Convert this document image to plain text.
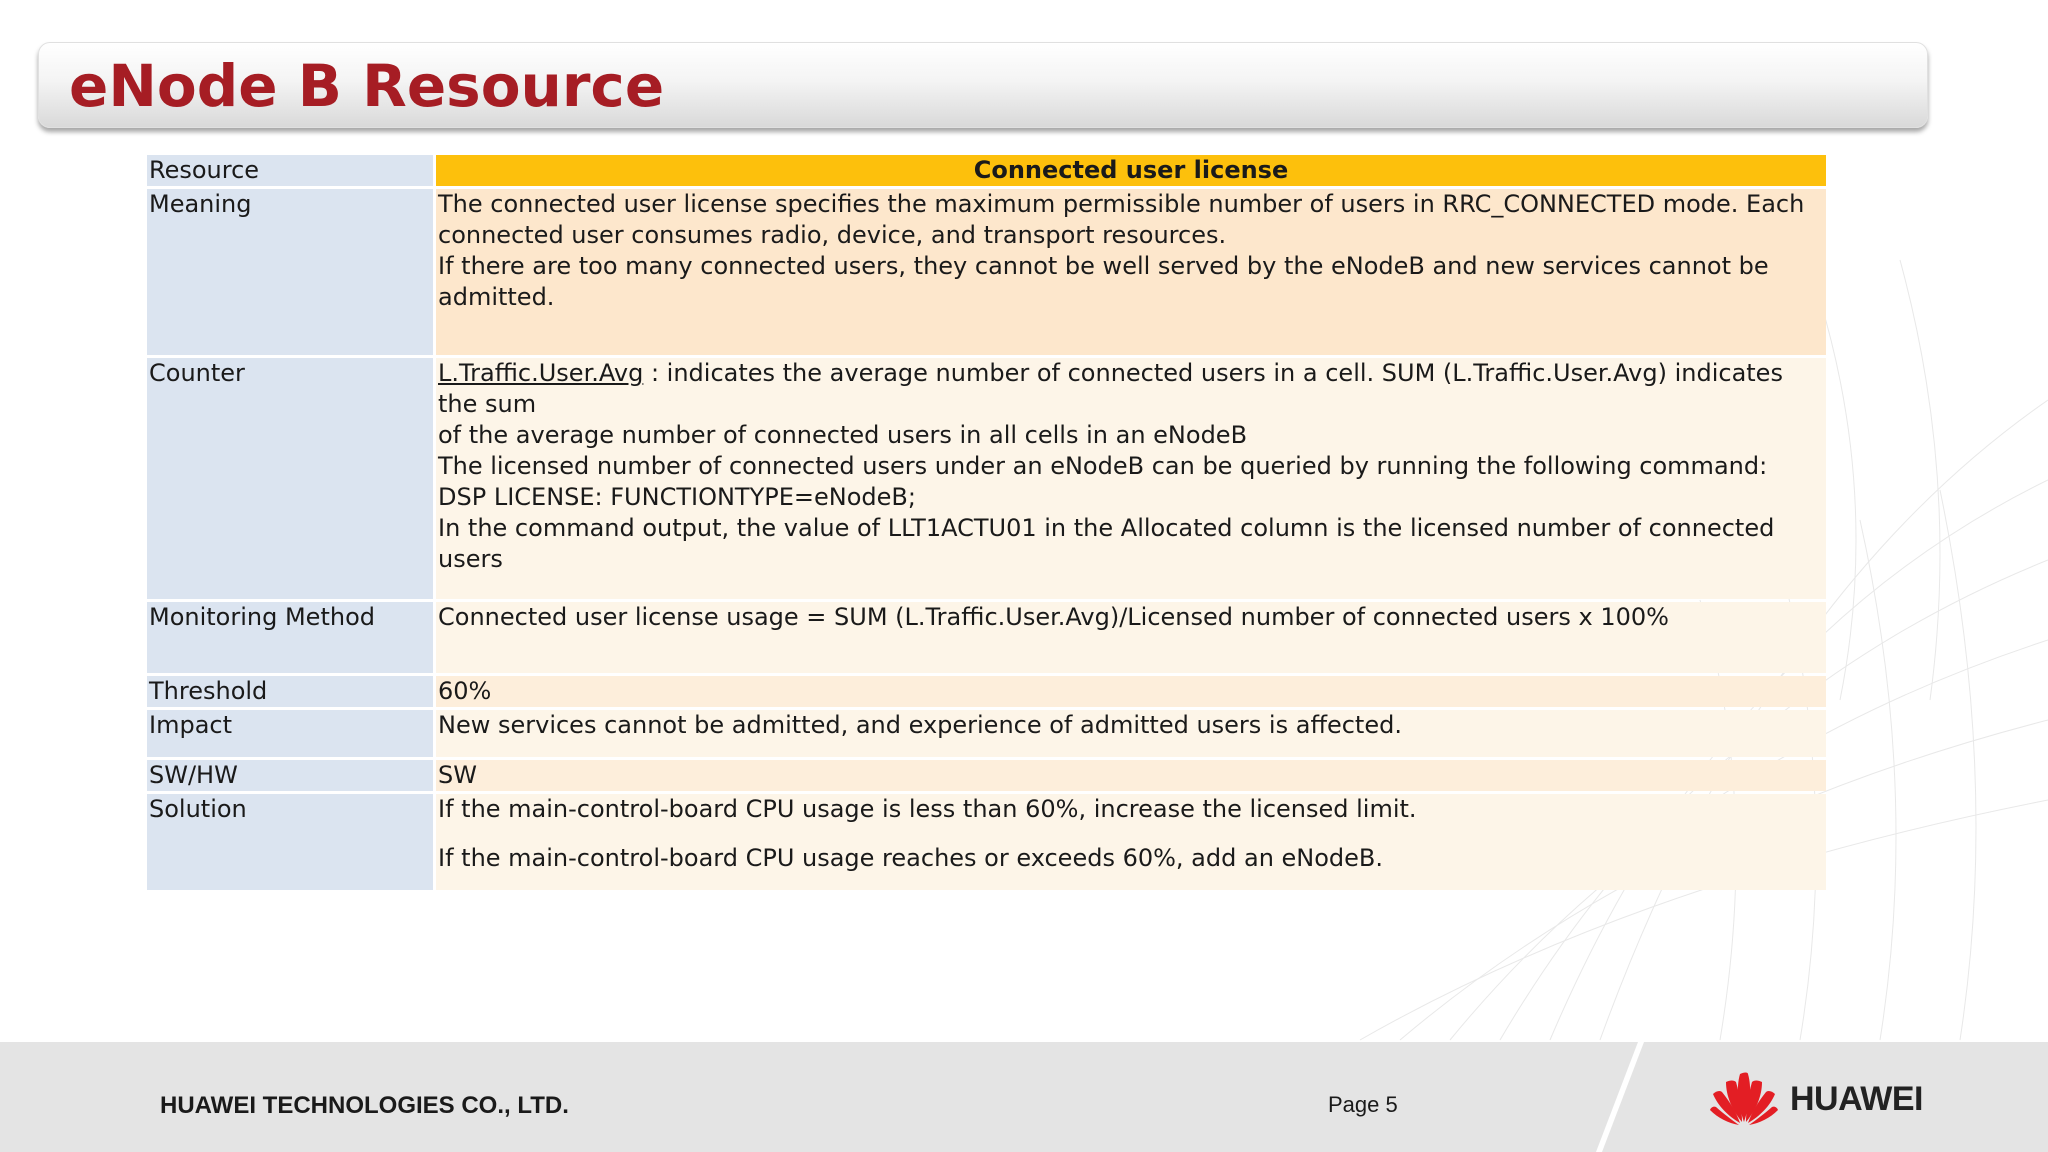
eNode B Resource
Resource	Connected user license
Meaning	The connected user license specifies the maximum permissible number of users in RRC_CONNECTED mode. Each
connected user consumes radio, device, and transport resources.
If there are too many connected users, they cannot be well served by the eNodeB and new services cannot be admitted.

Counter	L.Traffic.User.Avg : indicates the average number of connected users in a cell. SUM (L.Traffic.User.Avg) indicates the sum
of the average number of connected users in all cells in an eNodeB
The licensed number of connected users under an eNodeB can be queried by running the following command:
DSP LICENSE: FUNCTIONTYPE=eNodeB;
In the command output, the value of LLT1ACTU01 in the Allocated column is the licensed number of connected users

Monitoring Method	Connected user license usage = SUM (L.Traffic.User.Avg)/Licensed number of connected users x 100%
Threshold	60%
Impact	New services cannot be admitted, and experience of admitted users is affected.
SW/HW	SW
Solution	If the main-control-board CPU usage is less than 60%, increase the licensed limit.
If the main-control-board CPU usage reaches or exceeds 60%, add an eNodeB.
HUAWEI TECHNOLOGIES CO., LTD.	Page 5	HUAWEI
